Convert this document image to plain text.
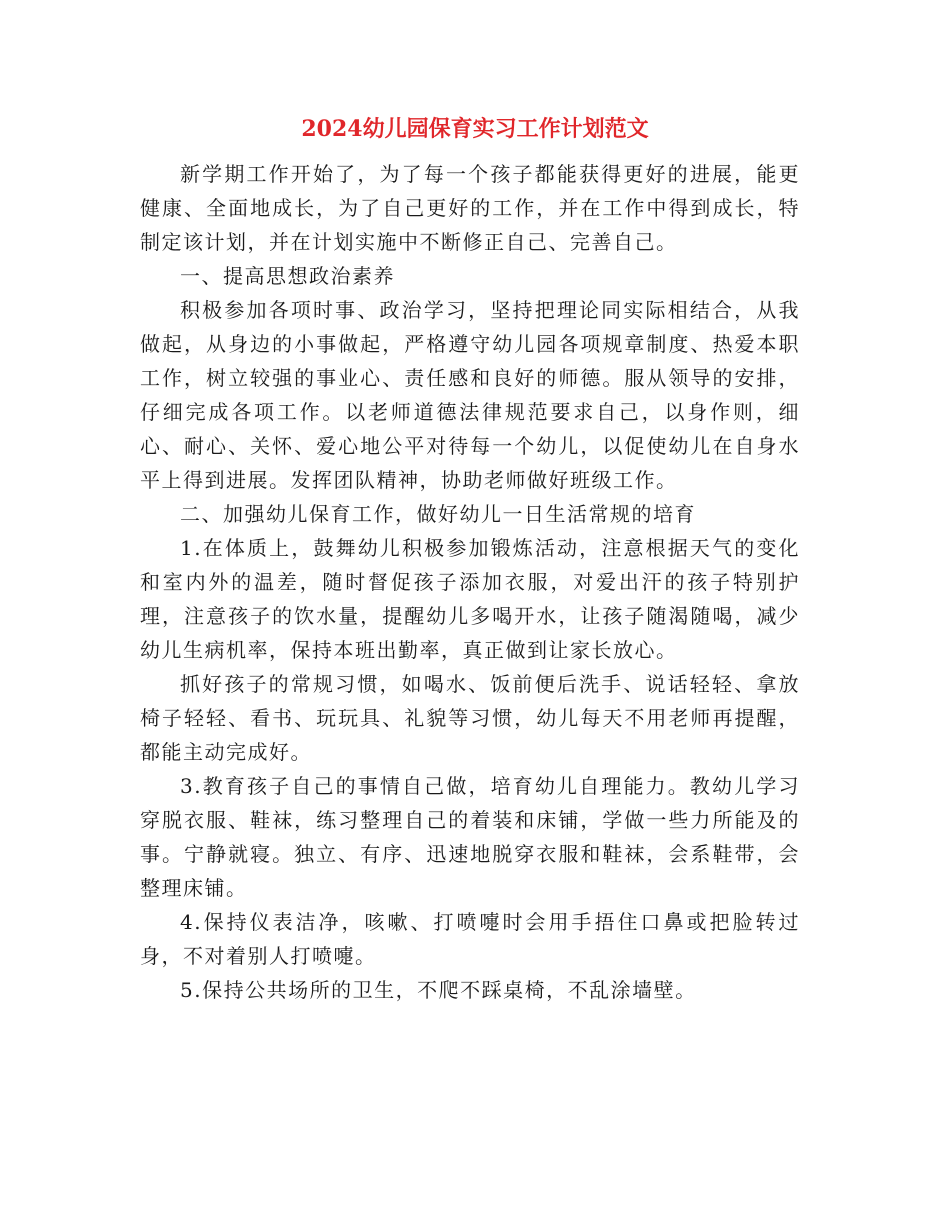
2024幼儿园保育实习工作计划范文

新学期工作开始了，为了每一个孩子都能获得更好的进展，能更健康、全面地成长，为了自己更好的工作，并在工作中得到成长，特制定该计划，并在计划实施中不断修正自己、完善自己。

一、提高思想政治素养

积极参加各项时事、政治学习，坚持把理论同实际相结合，从我做起，从身边的小事做起，严格遵守幼儿园各项规章制度、热爱本职工作，树立较强的事业心、责任感和良好的师德。服从领导的安排，仔细完成各项工作。以老师道德法律规范要求自己，以身作则，细心、耐心、关怀、爱心地公平对待每一个幼儿，以促使幼儿在自身水平上得到进展。发挥团队精神，协助老师做好班级工作。

二、加强幼儿保育工作，做好幼儿一日生活常规的培育

1.在体质上，鼓舞幼儿积极参加锻炼活动，注意根据天气的变化和室内外的温差，随时督促孩子添加衣服，对爱出汗的孩子特别护理，注意孩子的饮水量，提醒幼儿多喝开水，让孩子随渴随喝，减少幼儿生病机率，保持本班出勤率，真正做到让家长放心。

抓好孩子的常规习惯，如喝水、饭前便后洗手、说话轻轻、拿放椅子轻轻、看书、玩玩具、礼貌等习惯，幼儿每天不用老师再提醒，都能主动完成好。

3.教育孩子自己的事情自己做，培育幼儿自理能力。教幼儿学习穿脱衣服、鞋袜，练习整理自己的着装和床铺，学做一些力所能及的事。宁静就寝。独立、有序、迅速地脱穿衣服和鞋袜，会系鞋带，会整理床铺。

4.保持仪表洁净，咳嗽、打喷嚏时会用手捂住口鼻或把脸转过身，不对着别人打喷嚏。

5.保持公共场所的卫生，不爬不踩桌椅，不乱涂墙壁。
